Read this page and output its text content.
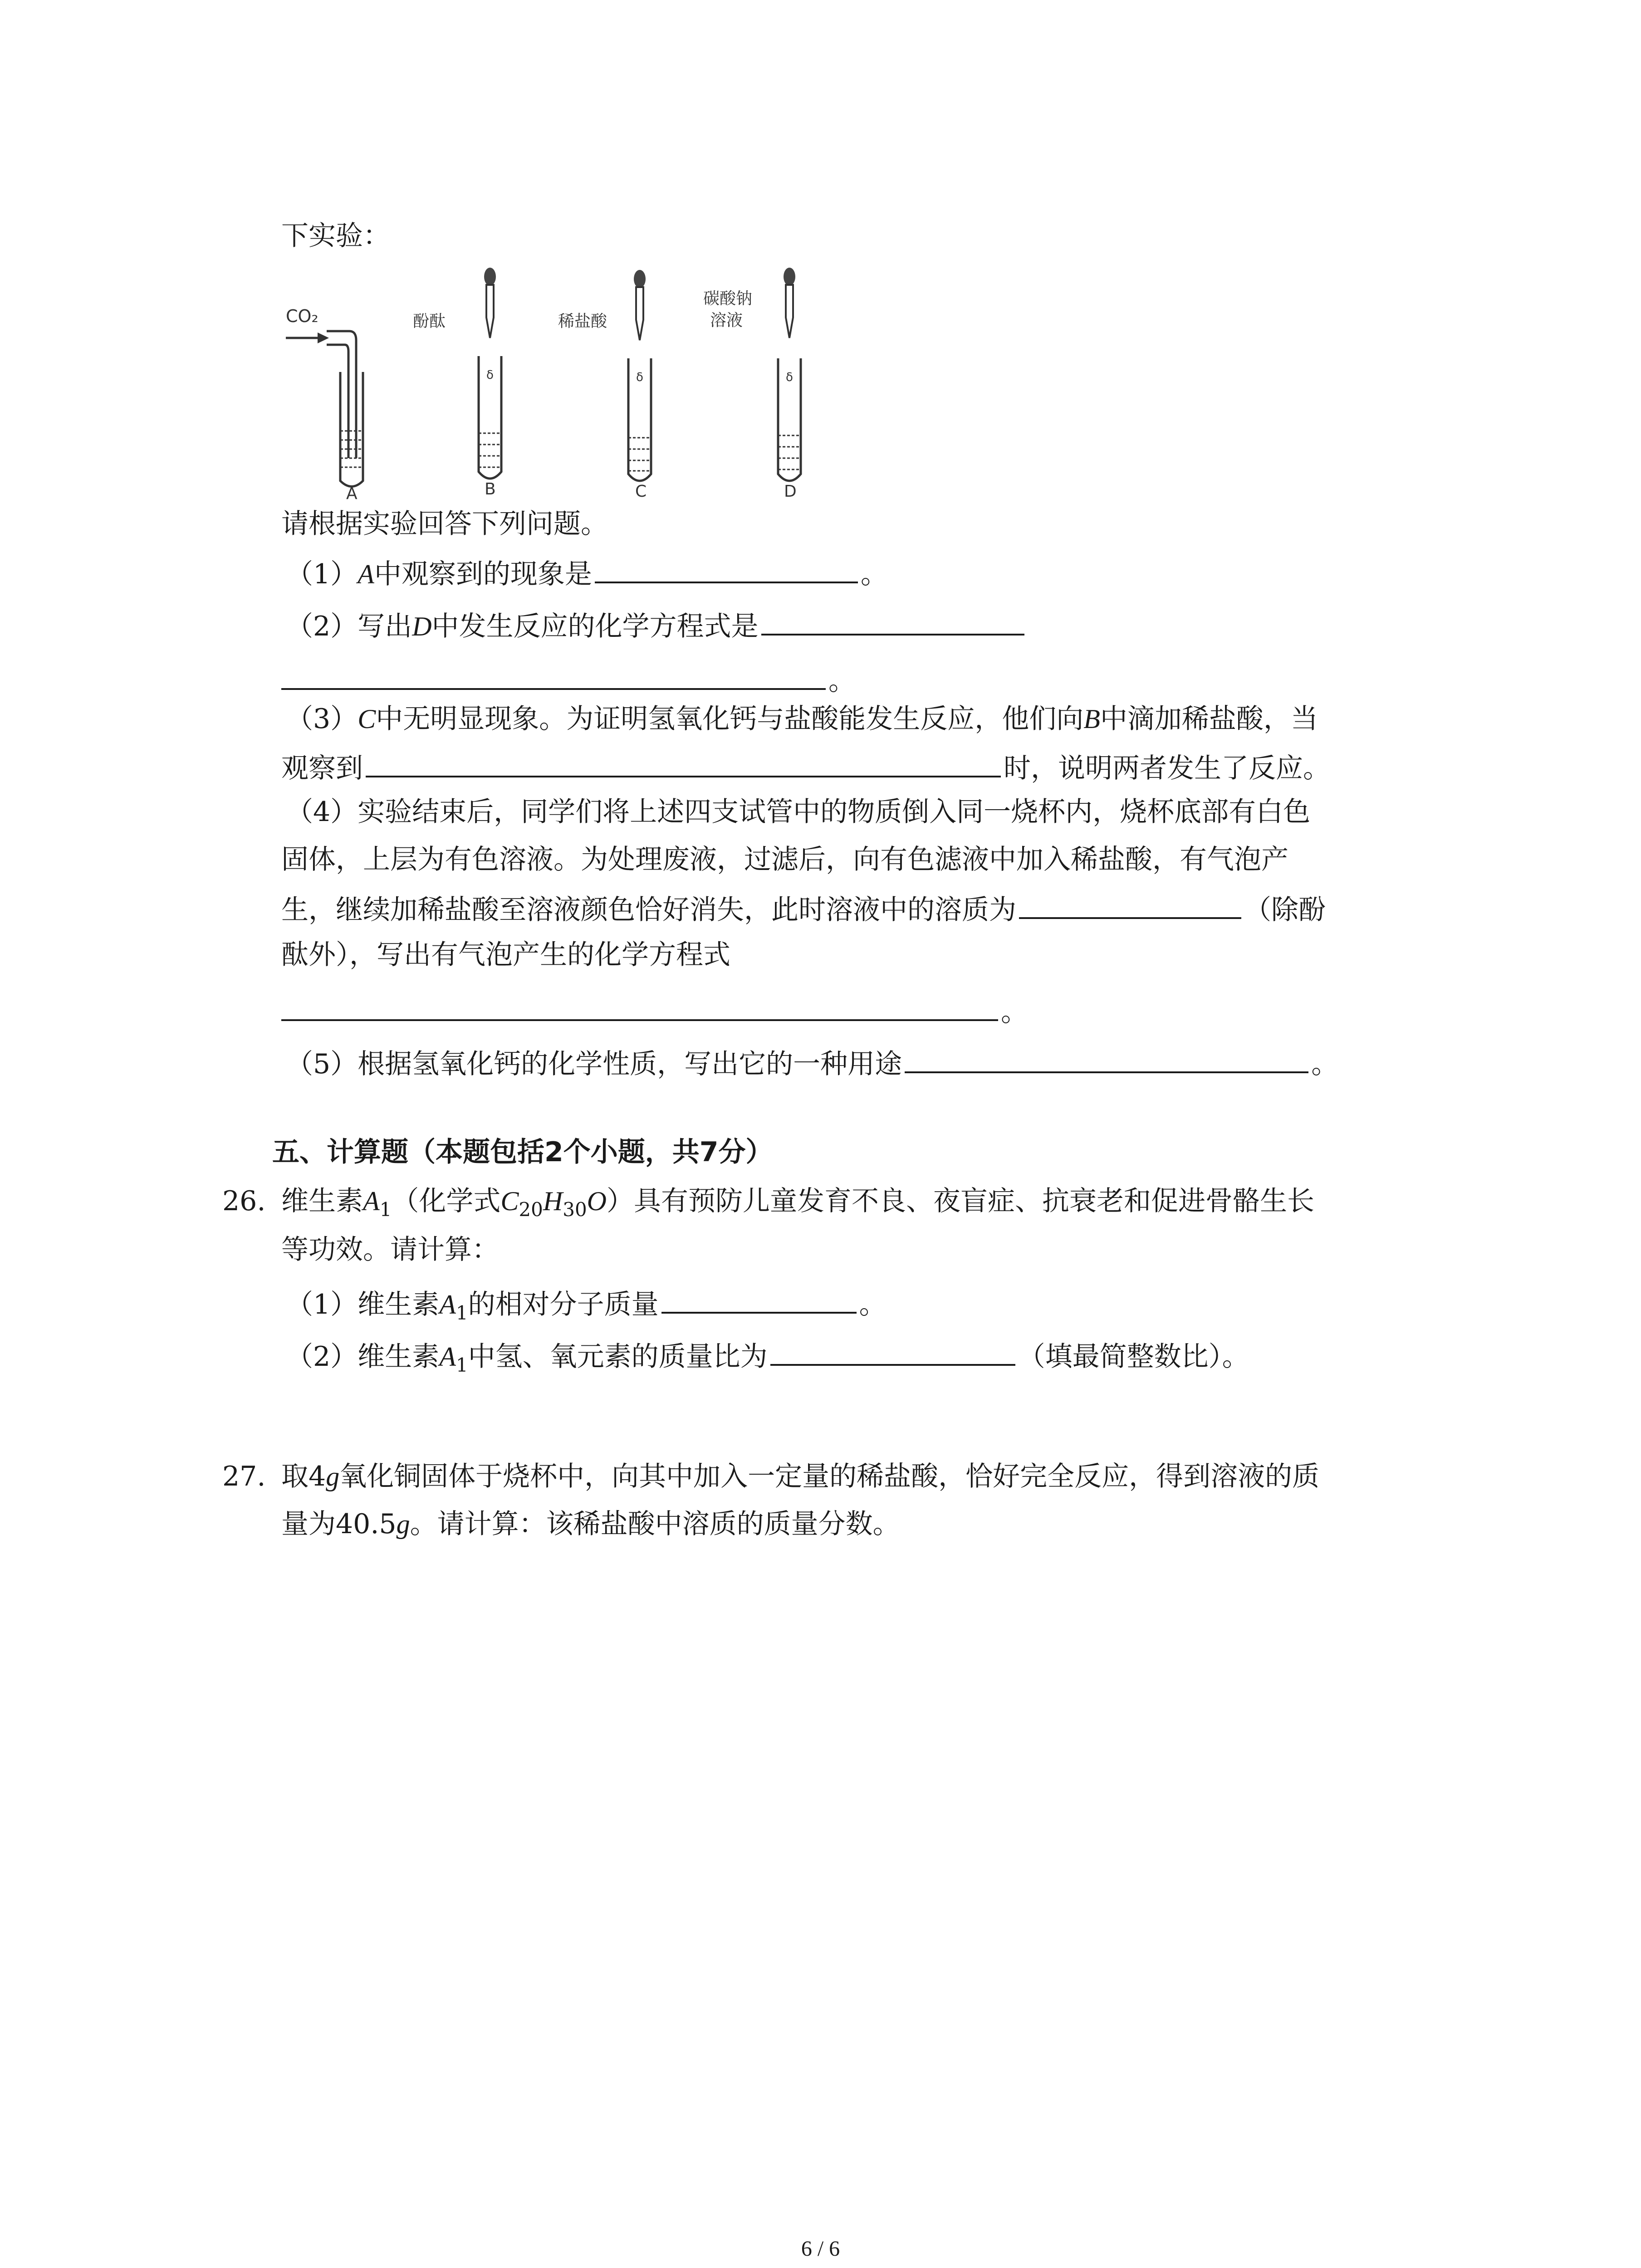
下实验：
CO₂
A
酚酞
δ
B
稀盐酸
δ
C
碳酸钠
溶液
δ
D
请根据实验回答下列问题。
（1）A中观察到的现象是	。
（2）写出D中发生反应的化学方程式是
。
（3）C中无明显现象。为证明氢氧化钙与盐酸能发生反应，他们向B中滴加稀盐酸，当
观察到	时，说明两者发生了反应。
（4）实验结束后，同学们将上述四支试管中的物质倒入同一烧杯内，烧杯底部有白色
固体，上层为有色溶液。为处理废液，过滤后，向有色滤液中加入稀盐酸，有气泡产
生，继续加稀盐酸至溶液颜色恰好消失，此时溶液中的溶质为	（除酚
酞外），写出有气泡产生的化学方程式
。
（5）根据氢氧化钙的化学性质，写出它的一种用途	。
五、计算题（本题包括2个小题，共7分）
26. 维生素$A_1$（化学式$C_{20}H_{30}O$）具有预防儿童发育不良、夜盲症、抗衰老和促进骨骼生长
等功效。请计算：
（1）维生素$A_1$的相对分子质量	。
（2）维生素$A_1$中氢、氧元素的质量比为	（填最简整数比）。
27. 取4g氧化铜固体于烧杯中，向其中加入一定量的稀盐酸，恰好完全反应，得到溶液的质
量为40.5g。请计算：该稀盐酸中溶质的质量分数。
6 / 6
